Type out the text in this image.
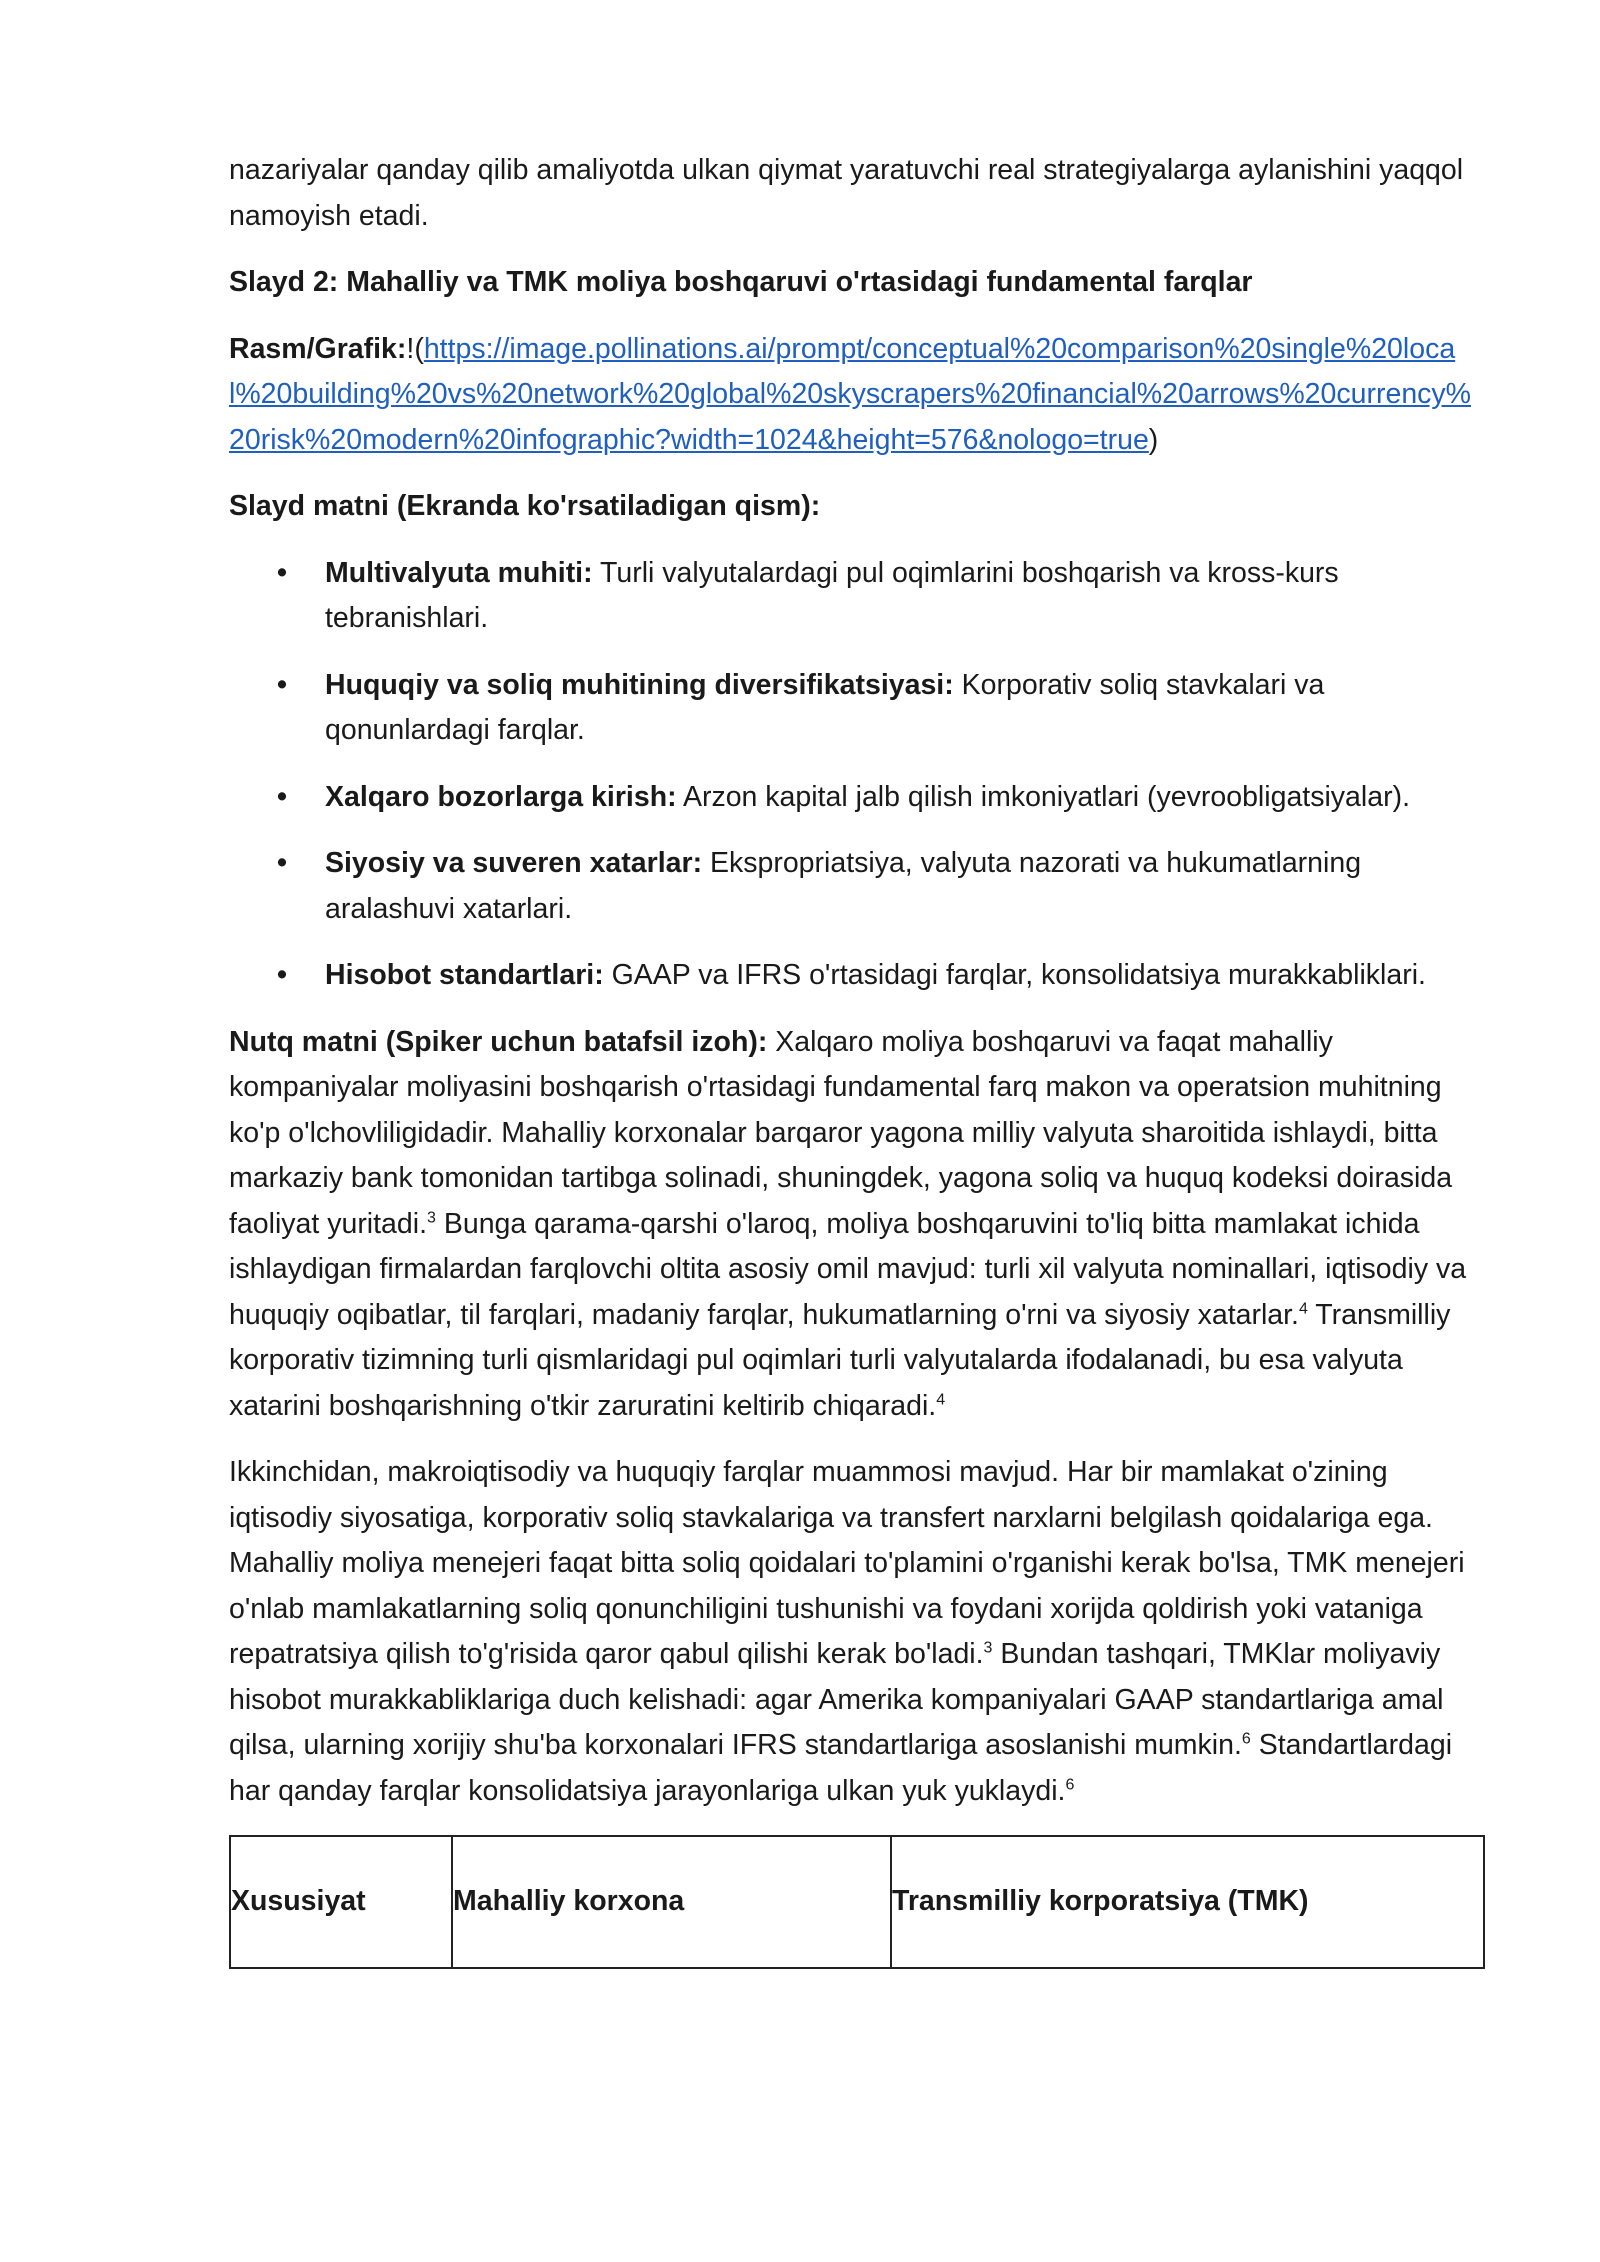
nazariyalar qanday qilib amaliyotda ulkan qiymat yaratuvchi real strategiyalarga aylanishini yaqqol namoyish etadi.

Slayd 2: Mahalliy va TMK moliya boshqaruvi o'rtasidagi fundamental farqlar

Rasm/Grafik:!(https://image.pollinations.ai/prompt/conceptual%20comparison%20single%20local%20building%20vs%20network%20global%20skyscrapers%20financial%20arrows%20currency%20risk%20modern%20infographic?width=1024&height=576&nologo=true)

Slayd matni (Ekranda ko'rsatiladigan qism):

• Multivalyuta muhiti: Turli valyutalardagi pul oqimlarini boshqarish va kross-kurs tebranishlari.
• Huquqiy va soliq muhitining diversifikatsiyasi: Korporativ soliq stavkalari va qonunlardagi farqlar.
• Xalqaro bozorlarga kirish: Arzon kapital jalb qilish imkoniyatlari (yevroobligatsiyalar).
• Siyosiy va suveren xatarlar: Ekspropriatsiya, valyuta nazorati va hukumatlarning aralashuvi xatarlari.
• Hisobot standartlari: GAAP va IFRS o'rtasidagi farqlar, konsolidatsiya murakkabliklari.

Nutq matni (Spiker uchun batafsil izoh): Xalqaro moliya boshqaruvi va faqat mahalliy kompaniyalar moliyasini boshqarish o'rtasidagi fundamental farq makon va operatsion muhitning ko'p o'lchovliligidadir. Mahalliy korxonalar barqaror yagona milliy valyuta sharoitida ishlaydi, bitta markaziy bank tomonidan tartibga solinadi, shuningdek, yagona soliq va huquq kodeksi doirasida faoliyat yuritadi.$^3$ Bunga qarama-qarshi o'laroq, moliya boshqaruvini to'liq bitta mamlakat ichida ishlaydigan firmalardan farqlovchi oltita asosiy omil mavjud: turli xil valyuta nominallari, iqtisodiy va huquqiy oqibatlar, til farqlari, madaniy farqlar, hukumatlarning o'rni va siyosiy xatarlar.$^4$ Transmilliy korporativ tizimning turli qismlaridagi pul oqimlari turli valyutalarda ifodalanadi, bu esa valyuta xatarini boshqarishning o'tkir zaruratini keltirib chiqaradi.$^4$

Ikkinchidan, makroiqtisodiy va huquqiy farqlar muammosi mavjud. Har bir mamlakat o'zining iqtisodiy siyosatiga, korporativ soliq stavkalariga va transfert narxlarni belgilash qoidalariga ega. Mahalliy moliya menejeri faqat bitta soliq qoidalari to'plamini o'rganishi kerak bo'lsa, TMK menejeri o'nlab mamlakatlarning soliq qonunchiligini tushunishi va foydani xorijda qoldirish yoki vataniga repatratsiya qilish to'g'risida qaror qabul qilishi kerak bo'ladi.$^3$ Bundan tashqari, TMKlar moliyaviy hisobot murakkabliklariga duch kelishadi: agar Amerika kompaniyalari GAAP standartlariga amal qilsa, ularning xorijiy shu'ba korxonalari IFRS standartlariga asoslanishi mumkin.$^6$ Standartlardagi har qanday farqlar konsolidatsiya jarayonlariga ulkan yuk yuklaydi.$^6$

Xususiyat	Mahalliy korxona	Transmilliy korporatsiya (TMK)
